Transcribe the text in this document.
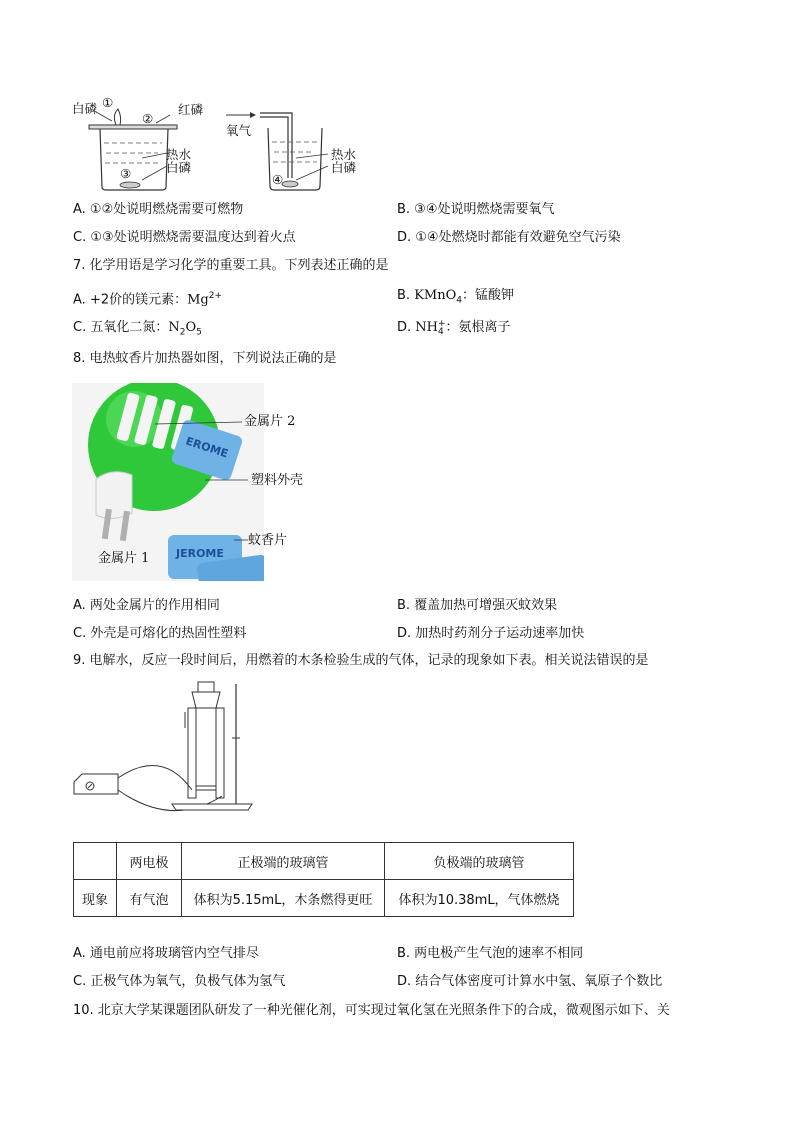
白磷 ①
②
红磷
热水
白磷
③
氧气
热水
白磷
④
A. ①②处说明燃烧需要可燃物	B. ③④处说明燃烧需要氧气
C. ①③处说明燃烧需要温度达到着火点	D. ①④处燃烧时都能有效避免空气污染
7. 化学用语是学习化学的重要工具。下列表述正确的是
A. +2价的镁元素：$Mg^{2+}$	B. KMnO$_4$：锰酸钾
C. 五氧化二氮：$N_2O_5$	D. NH +
4 ：氨根离子
8. 电热蚊香片加热器如图，下列说法正确的是
EROME
JEROME
金属片 2
塑料外壳
蚊香片
金属片 1
A. 两处金属片的作用相同	B. 覆盖加热可增强灭蚊效果
C. 外壳是可熔化的热固性塑料	D. 加热时药剂分子运动速率加快
9. 电解水，反应一段时间后，用燃着的木条检验生成的气体，记录的现象如下表。相关说法错误的是
	两电极	正极端的玻璃管	负极端的玻璃管
现象	有气泡	体积为5.15mL，木条燃得更旺	体积为10.38mL，气体燃烧
A. 通电前应将玻璃管内空气排尽	B. 两电极产生气泡的速率不相同
C. 正极气体为氧气，负极气体为氢气	D. 结合气体密度可计算水中氢、氧原子个数比
10. 北京大学某课题团队研发了一种光催化剂，可实现过氧化氢在光照条件下的合成，微观图示如下、关
